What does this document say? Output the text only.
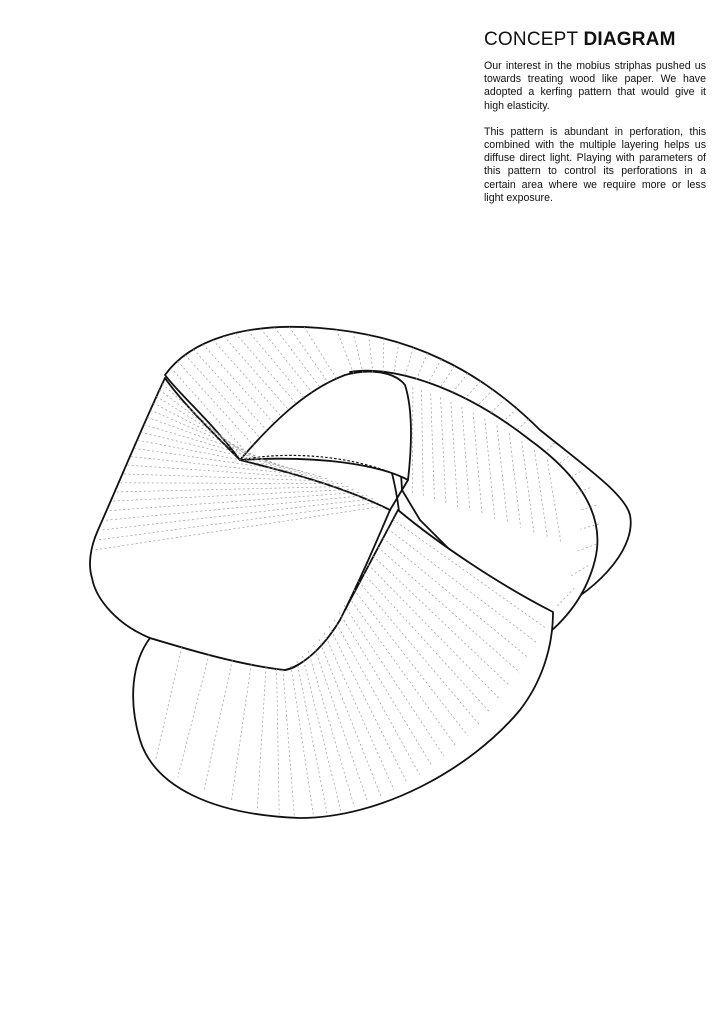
CONCEPT DIAGRAM

Our interest in the mobius striphas pushed us towards treating wood like paper. We have adopted a kerfing pattern that would give it high elasticity.

This pattern is abundant in perforation, this combined with the multiple layering helps us diffuse direct light. Playing with parameters of this pattern to control its perforations in a certain area where we require more or less light exposure.
